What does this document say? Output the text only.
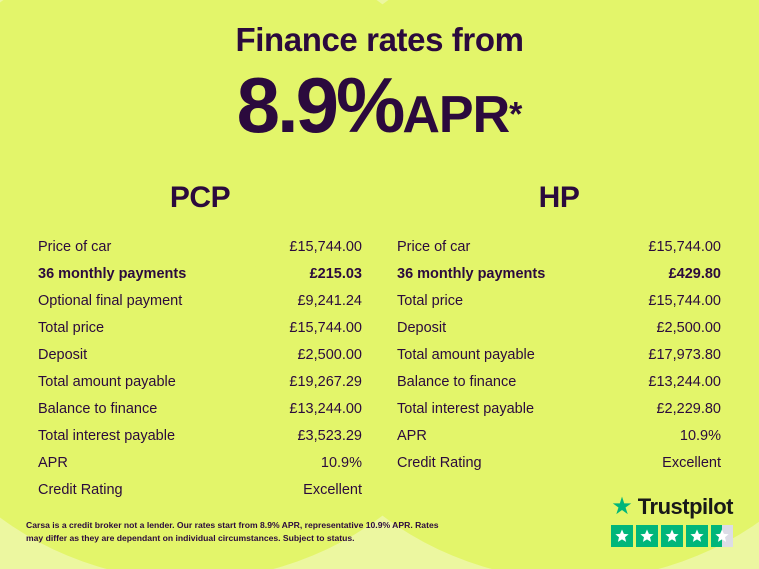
Finance rates from
8.9%APR*
PCP
Price of car	£15,744.00
36 monthly payments	£215.03
Optional final payment	£9,241.24
Total price	£15,744.00
Deposit	£2,500.00
Total amount payable	£19,267.29
Balance to finance	£13,244.00
Total interest payable	£3,523.29
APR	10.9%
Credit Rating	Excellent
HP
Price of car	£15,744.00
36 monthly payments	£429.80
Total price	£15,744.00
Deposit	£2,500.00
Total amount payable	£17,973.80
Balance to finance	£13,244.00
Total interest payable	£2,229.80
APR	10.9%
Credit Rating	Excellent
Carsa is a credit broker not a lender. Our rates start from 8.9% APR, representative 10.9% APR. Rates may differ as they are dependant on individual circumstances. Subject to status.
★ Trustpilot
